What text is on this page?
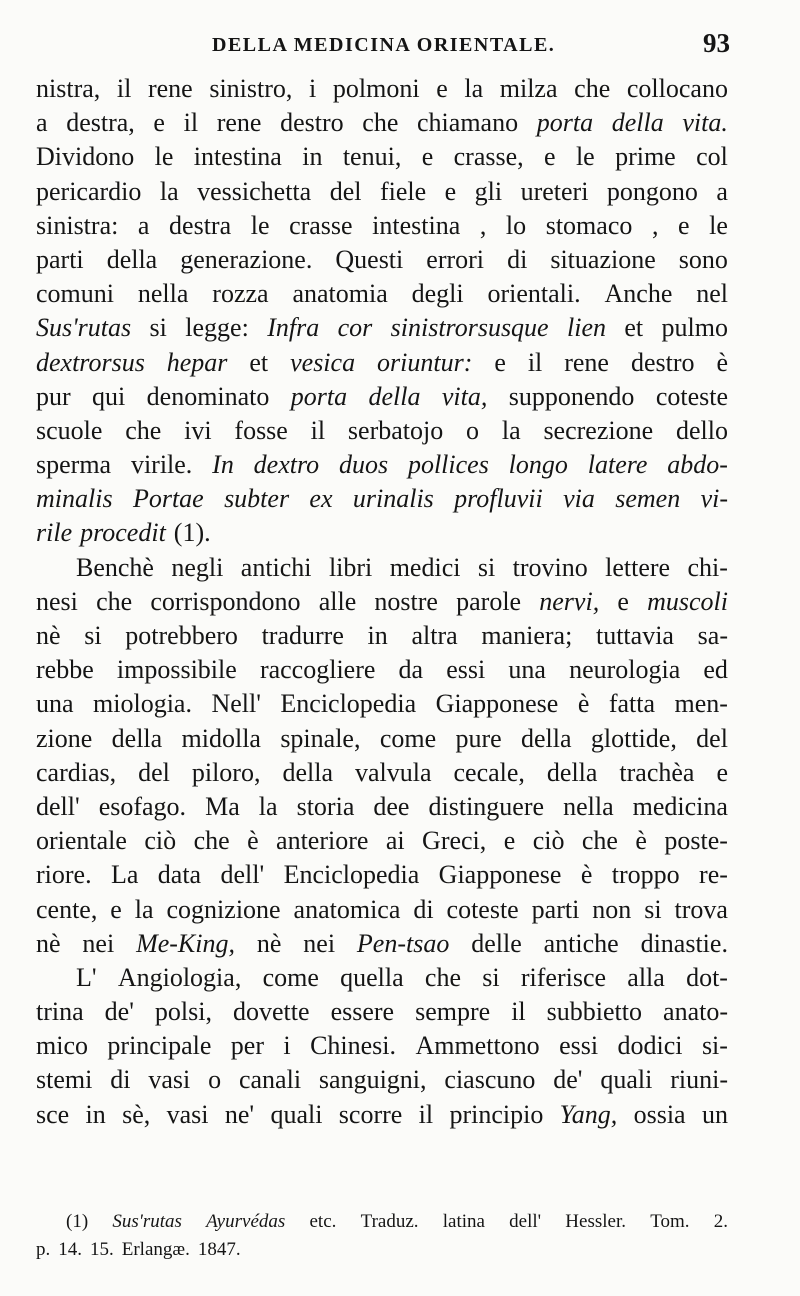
DELLA MEDICINA ORIENTALE.	93
nistra, il rene sinistro, i polmoni e la milza che collocano
a destra, e il rene destro che chiamano porta della vita.
Dividono le intestina in tenui, e crasse, e le prime col
pericardio la vessichetta del fiele e gli ureteri pongono a
sinistra: a destra le crasse intestina , lo stomaco , e le
parti della generazione. Questi errori di situazione sono
comuni nella rozza anatomia degli orientali. Anche nel
Sus'rutas si legge: Infra cor sinistrorsusque lien et pulmo
dextrorsus hepar et vesica oriuntur: e il rene destro è
pur qui denominato porta della vita, supponendo coteste
scuole che ivi fosse il serbatojo o la secrezione dello
sperma virile. In dextro duos pollices longo latere abdo-
minalis Portae subter ex urinalis profluvii via semen vi-
rile procedit (1).
Benchè negli antichi libri medici si trovino lettere chi-
nesi che corrispondono alle nostre parole nervi, e muscoli
nè si potrebbero tradurre in altra maniera; tuttavia sa-
rebbe impossibile raccogliere da essi una neurologia ed
una miologia. Nell' Enciclopedia Giapponese è fatta men-
zione della midolla spinale, come pure della glottide, del
cardias, del piloro, della valvula cecale, della trachèa e
dell' esofago. Ma la storia dee distinguere nella medicina
orientale ciò che è anteriore ai Greci, e ciò che è poste-
riore. La data dell' Enciclopedia Giapponese è troppo re-
cente, e la cognizione anatomica di coteste parti non si trova
nè nei Me-King, nè nei Pen-tsao delle antiche dinastie.
L' Angiologia, come quella che si riferisce alla dot-
trina de' polsi, dovette essere sempre il subbietto anato-
mico principale per i Chinesi. Ammettono essi dodici si-
stemi di vasi o canali sanguigni, ciascuno de' quali riuni-
sce in sè, vasi ne' quali scorre il principio Yang, ossia un
(1) Sus'rutas Ayurvédas etc. Traduz. latina dell' Hessler. Tom. 2.
p. 14. 15. Erlangæ. 1847.
